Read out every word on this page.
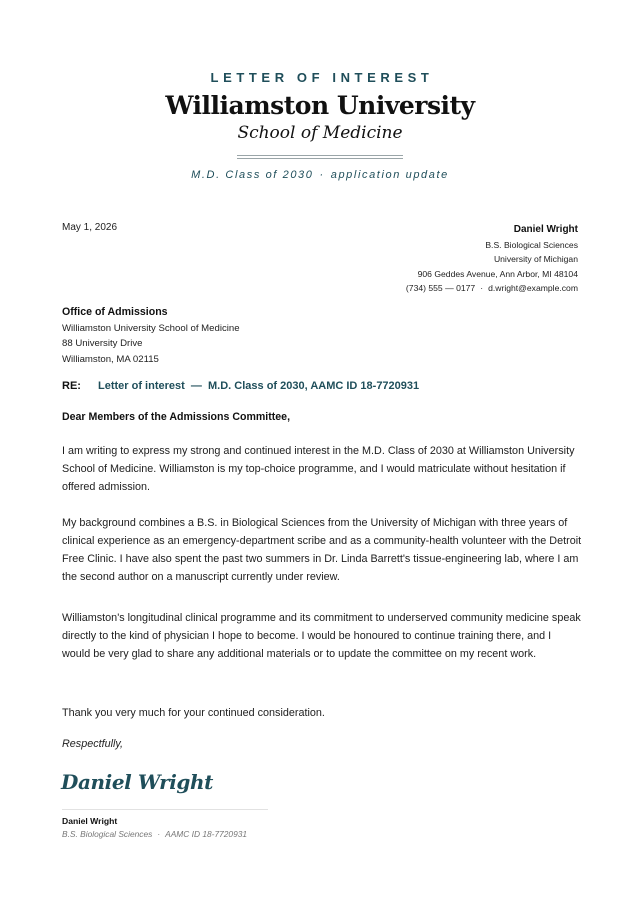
LETTER OF INTEREST
Williamston University
School of Medicine
M.D. Class of 2030 · application update
May 1, 2026	Daniel Wright
B.S. Biological Sciences
University of Michigan
906 Geddes Avenue, Ann Arbor, MI 48104
(734) 555 — 0177 · d.wright@example.com
Office of Admissions
Williamston University School of Medicine
88 University Drive
Williamston, MA 02115
RE: Letter of interest  —  M.D. Class of 2030, AAMC ID 18-7720931
Dear Members of the Admissions Committee,

I am writing to express my strong and continued interest in the M.D. Class of 2030 at Williamston University School of Medicine. Williamston is my top-choice programme, and I would matriculate without hesitation if offered admission.

My background combines a B.S. in Biological Sciences from the University of Michigan with three years of clinical experience as an emergency-department scribe and as a community-health volunteer with the Detroit Free Clinic. I have also spent the past two summers in Dr. Linda Barrett's tissue-engineering lab, where I am the second author on a manuscript currently under review.

Williamston's longitudinal clinical programme and its commitment to underserved community medicine speak directly to the kind of physician I hope to become. I would be honoured to continue training there, and I would be very glad to share any additional materials or to update the committee on my recent work.

Thank you very much for your continued consideration.
Respectfully,
Daniel Wright
Daniel Wright
B.S. Biological Sciences · AAMC ID 18-7720931
